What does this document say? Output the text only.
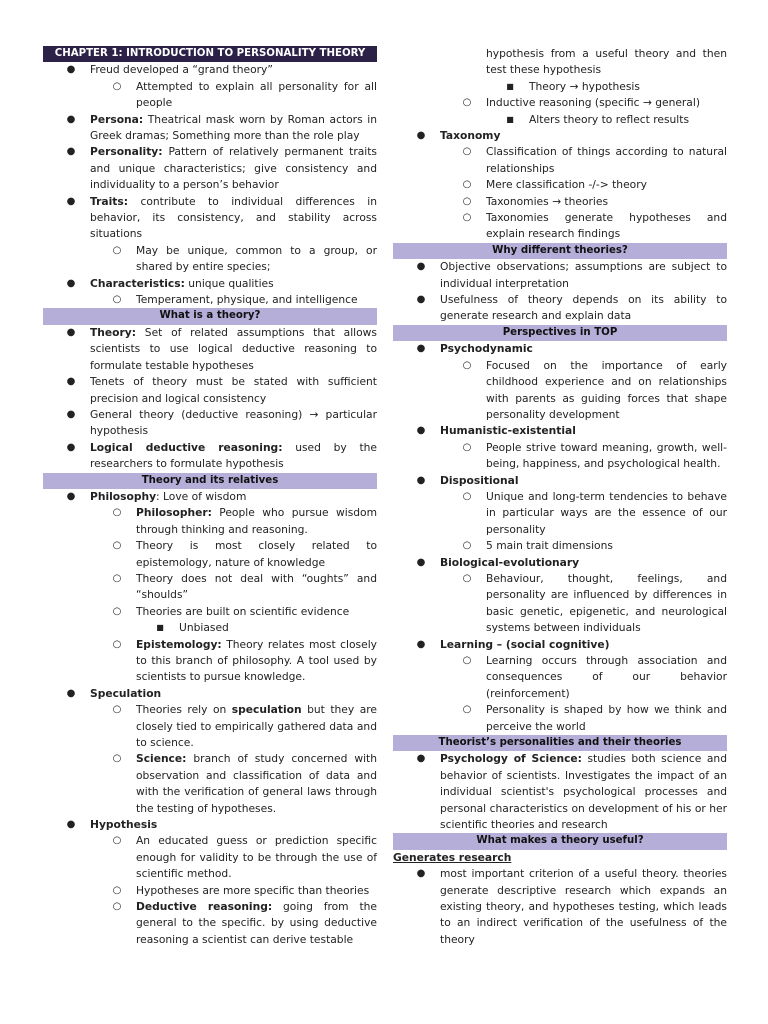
CHAPTER 1: INTRODUCTION TO PERSONALITY THEORY
● Freud developed a “grand theory”
○ Attempted to explain all personality for all people
● Persona: Theatrical mask worn by Roman actors in Greek dramas; Something more than the role play
● Personality: Pattern of relatively permanent traits and unique characteristics; give consistency and individuality to a person’s behavior
● Traits: contribute to individual differences in behavior, its consistency, and stability across situations
○ May be unique, common to a group, or shared by entire species;
● Characteristics: unique qualities
○ Temperament, physique, and intelligence
What is a theory?
● Theory: Set of related assumptions that allows scientists to use logical deductive reasoning to formulate testable hypotheses
● Tenets of theory must be stated with sufficient precision and logical consistency
● General theory (deductive reasoning) → particular hypothesis
● Logical deductive reasoning: used by the researchers to formulate hypothesis
Theory and its relatives
● Philosophy: Love of wisdom
○ Philosopher: People who pursue wisdom through thinking and reasoning.
○ Theory is most closely related to epistemology, nature of knowledge
○ Theory does not deal with “oughts” and “shoulds”
○ Theories are built on scientific evidence
■ Unbiased
○ Epistemology: Theory relates most closely to this branch of philosophy. A tool used by scientists to pursue knowledge.
● Speculation
○ Theories rely on speculation but they are closely tied to empirically gathered data and to science.
○ Science: branch of study concerned with observation and classification of data and with the verification of general laws through the testing of hypotheses.
● Hypothesis
○ An educated guess or prediction specific enough for validity to be through the use of scientific method.
○ Hypotheses are more specific than theories
○ Deductive reasoning: going from the general to the specific. by using deductive reasoning a scientist can derive testable
hypothesis from a useful theory and then test these hypothesis
■ Theory → hypothesis
○ Inductive reasoning (specific → general)
■ Alters theory to reflect results
● Taxonomy
○ Classification of things according to natural relationships
○ Mere classification -/-> theory
○ Taxonomies → theories
○ Taxonomies generate hypotheses and explain research findings
Why different theories?
● Objective observations; assumptions are subject to individual interpretation
● Usefulness of theory depends on its ability to generate research and explain data
Perspectives in TOP
● Psychodynamic
○ Focused on the importance of early childhood experience and on relationships with parents as guiding forces that shape personality development
● Humanistic-existential
○ People strive toward meaning, growth, well-being, happiness, and psychological health.
● Dispositional
○ Unique and long-term tendencies to behave in particular ways are the essence of our personality
○ 5 main trait dimensions
● Biological-evolutionary
○ Behaviour, thought, feelings, and personality are influenced by differences in basic genetic, epigenetic, and neurological systems between individuals
● Learning – (social cognitive)
○ Learning occurs through association and consequences of our behavior (reinforcement)
○ Personality is shaped by how we think and perceive the world
Theorist’s personalities and their theories
● Psychology of Science: studies both science and behavior of scientists. Investigates the impact of an individual scientist's psychological processes and personal characteristics on development of his or her scientific theories and research
What makes a theory useful?
Generates research
● most important criterion of a useful theory. theories generate descriptive research which expands an existing theory, and hypotheses testing, which leads to an indirect verification of the usefulness of the theory
